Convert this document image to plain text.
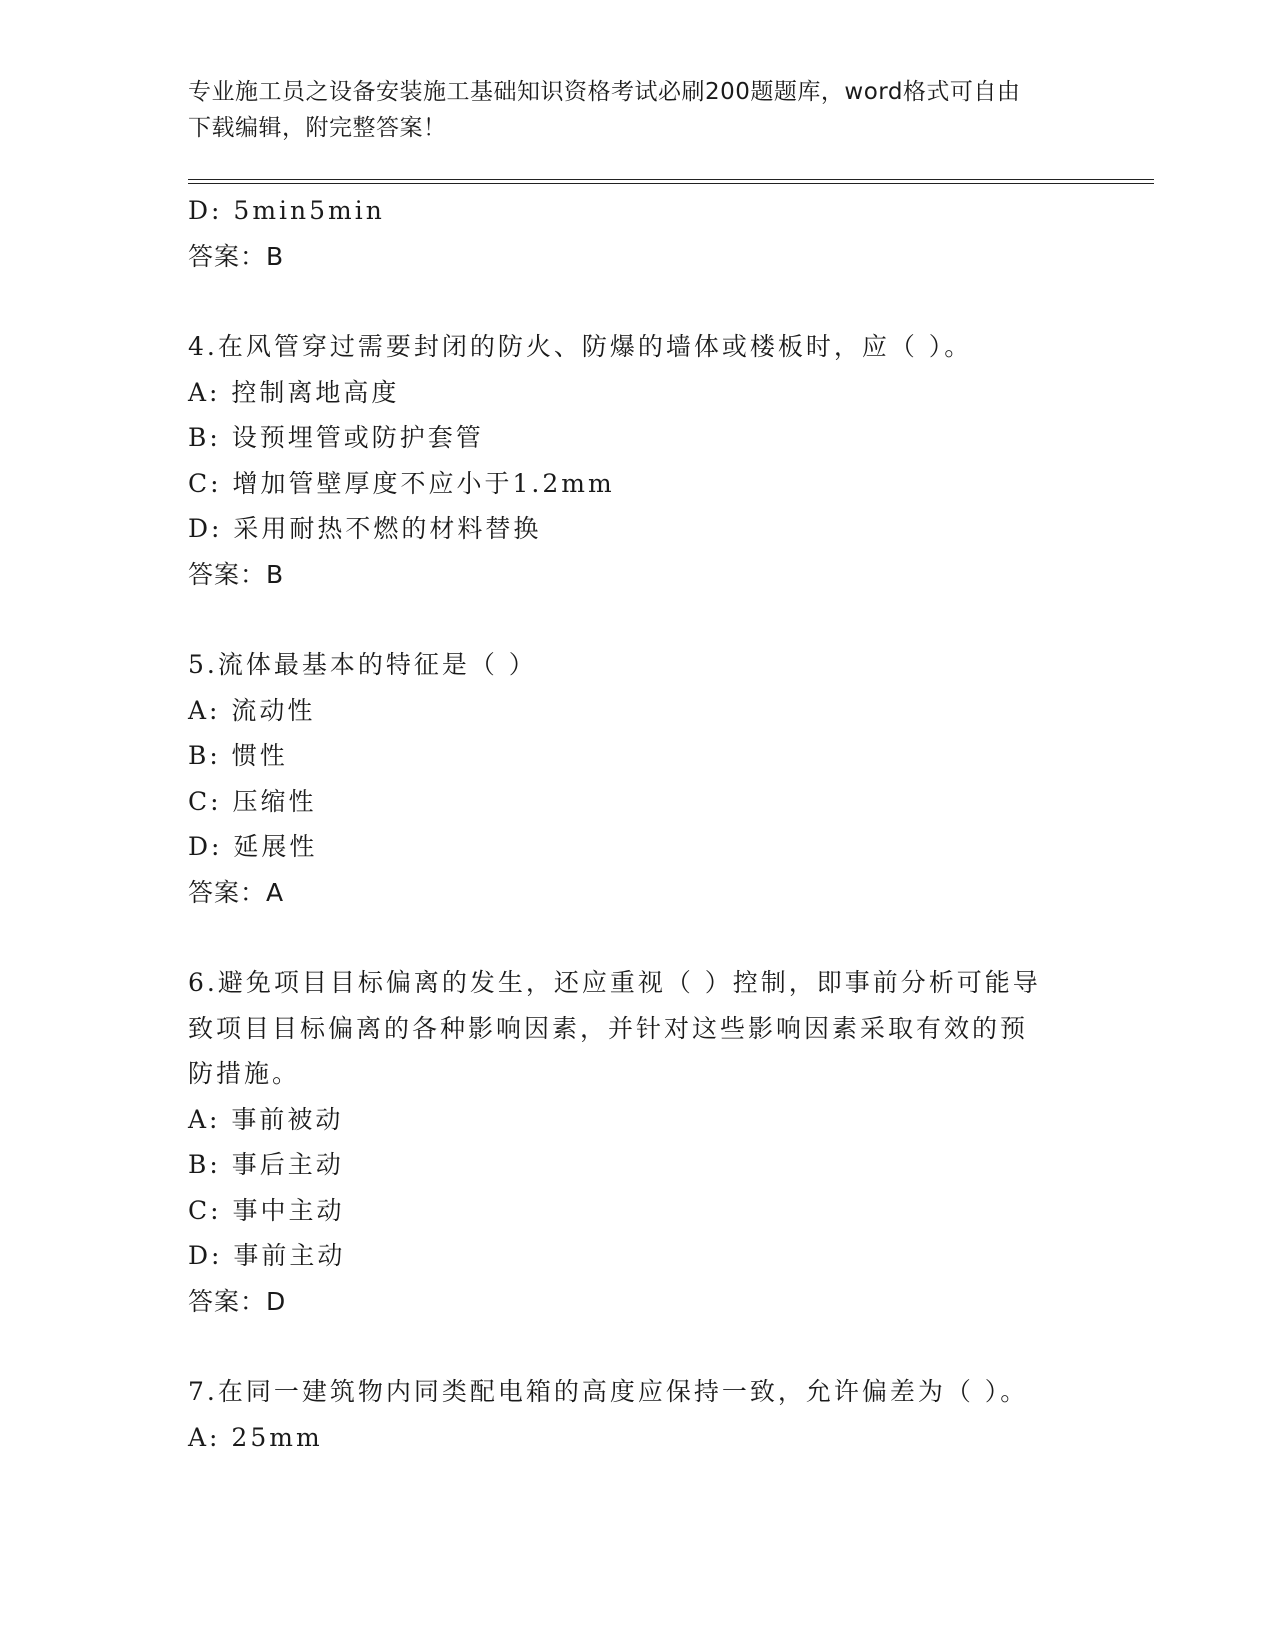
专业施工员之设备安装施工基础知识资格考试必刷200题题库，word格式可自由
下载编辑，附完整答案！
D: 5min5min
答案：B
4.在风管穿过需要封闭的防火、防爆的墙体或楼板时，应（ ）。
A: 控制离地高度
B: 设预埋管或防护套管
C: 增加管壁厚度不应小于1.2mm
D: 采用耐热不燃的材料替换
答案：B
5.流体最基本的特征是（ ）
A: 流动性
B: 惯性
C: 压缩性
D: 延展性
答案：A
6.避免项目目标偏离的发生，还应重视（ ）控制，即事前分析可能导
致项目目标偏离的各种影响因素，并针对这些影响因素采取有效的预
防措施。
A: 事前被动
B: 事后主动
C: 事中主动
D: 事前主动
答案：D
7.在同一建筑物内同类配电箱的高度应保持一致，允许偏差为（ ）。
A: 25mm
